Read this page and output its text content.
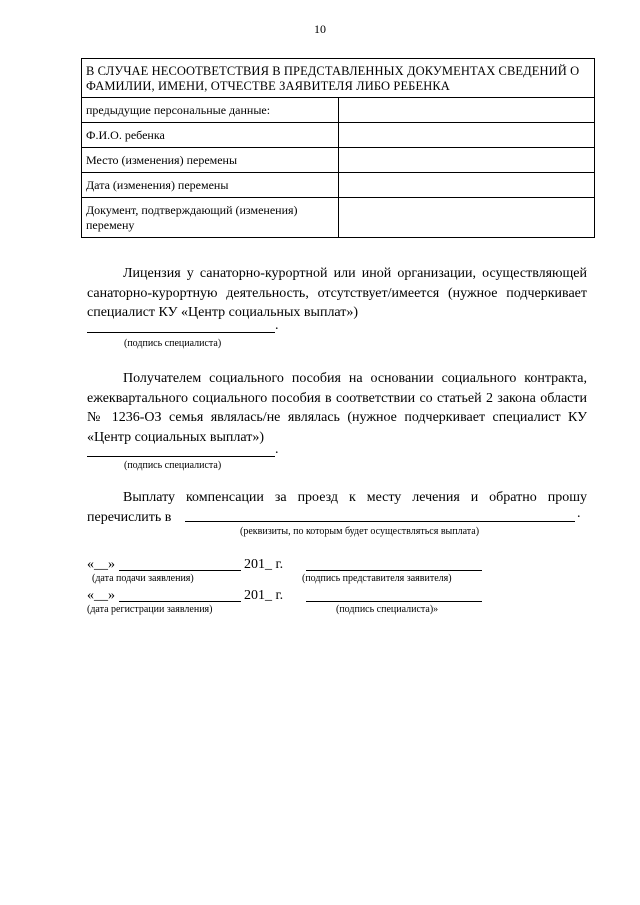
10
В СЛУЧАЕ НЕСООТВЕТСТВИЯ В ПРЕДСТАВЛЕННЫХ ДОКУМЕНТАХ СВЕДЕНИЙ О ФАМИЛИИ, ИМЕНИ, ОТЧЕСТВЕ ЗАЯВИТЕЛЯ ЛИБО РЕБЕНКА	
предыдущие персональные данные:	
Ф.И.О. ребенка	
Место (изменения) перемены	
Дата (изменения) перемены	
Документ, подтверждающий (изменения) перемену	
Лицензия у санаторно-курортной или иной организации, осуществляющей санаторно-курортную деятельность, отсутствует/имеется (нужное подчеркивает специалист КУ «Центр социальных выплат»)
.
(подпись специалиста)
Получателем социального пособия на основании социального контракта, ежеквартального социального пособия в соответствии со статьей 2 закона области № 1236-ОЗ семья являлась/не являлась (нужное подчеркивает специалист КУ «Центр социальных выплат»)
.
(подпись специалиста)
Выплату компенсации за проезд к месту лечения и обратно прошу перечислить в	.
(реквизиты, по которым будет осуществляться выплата)
«__»	201_ г.
(дата подачи заявления)	(подпись представителя заявителя)
«__»	201_ г.
(дата регистрации заявления)	(подпись специалиста)»
